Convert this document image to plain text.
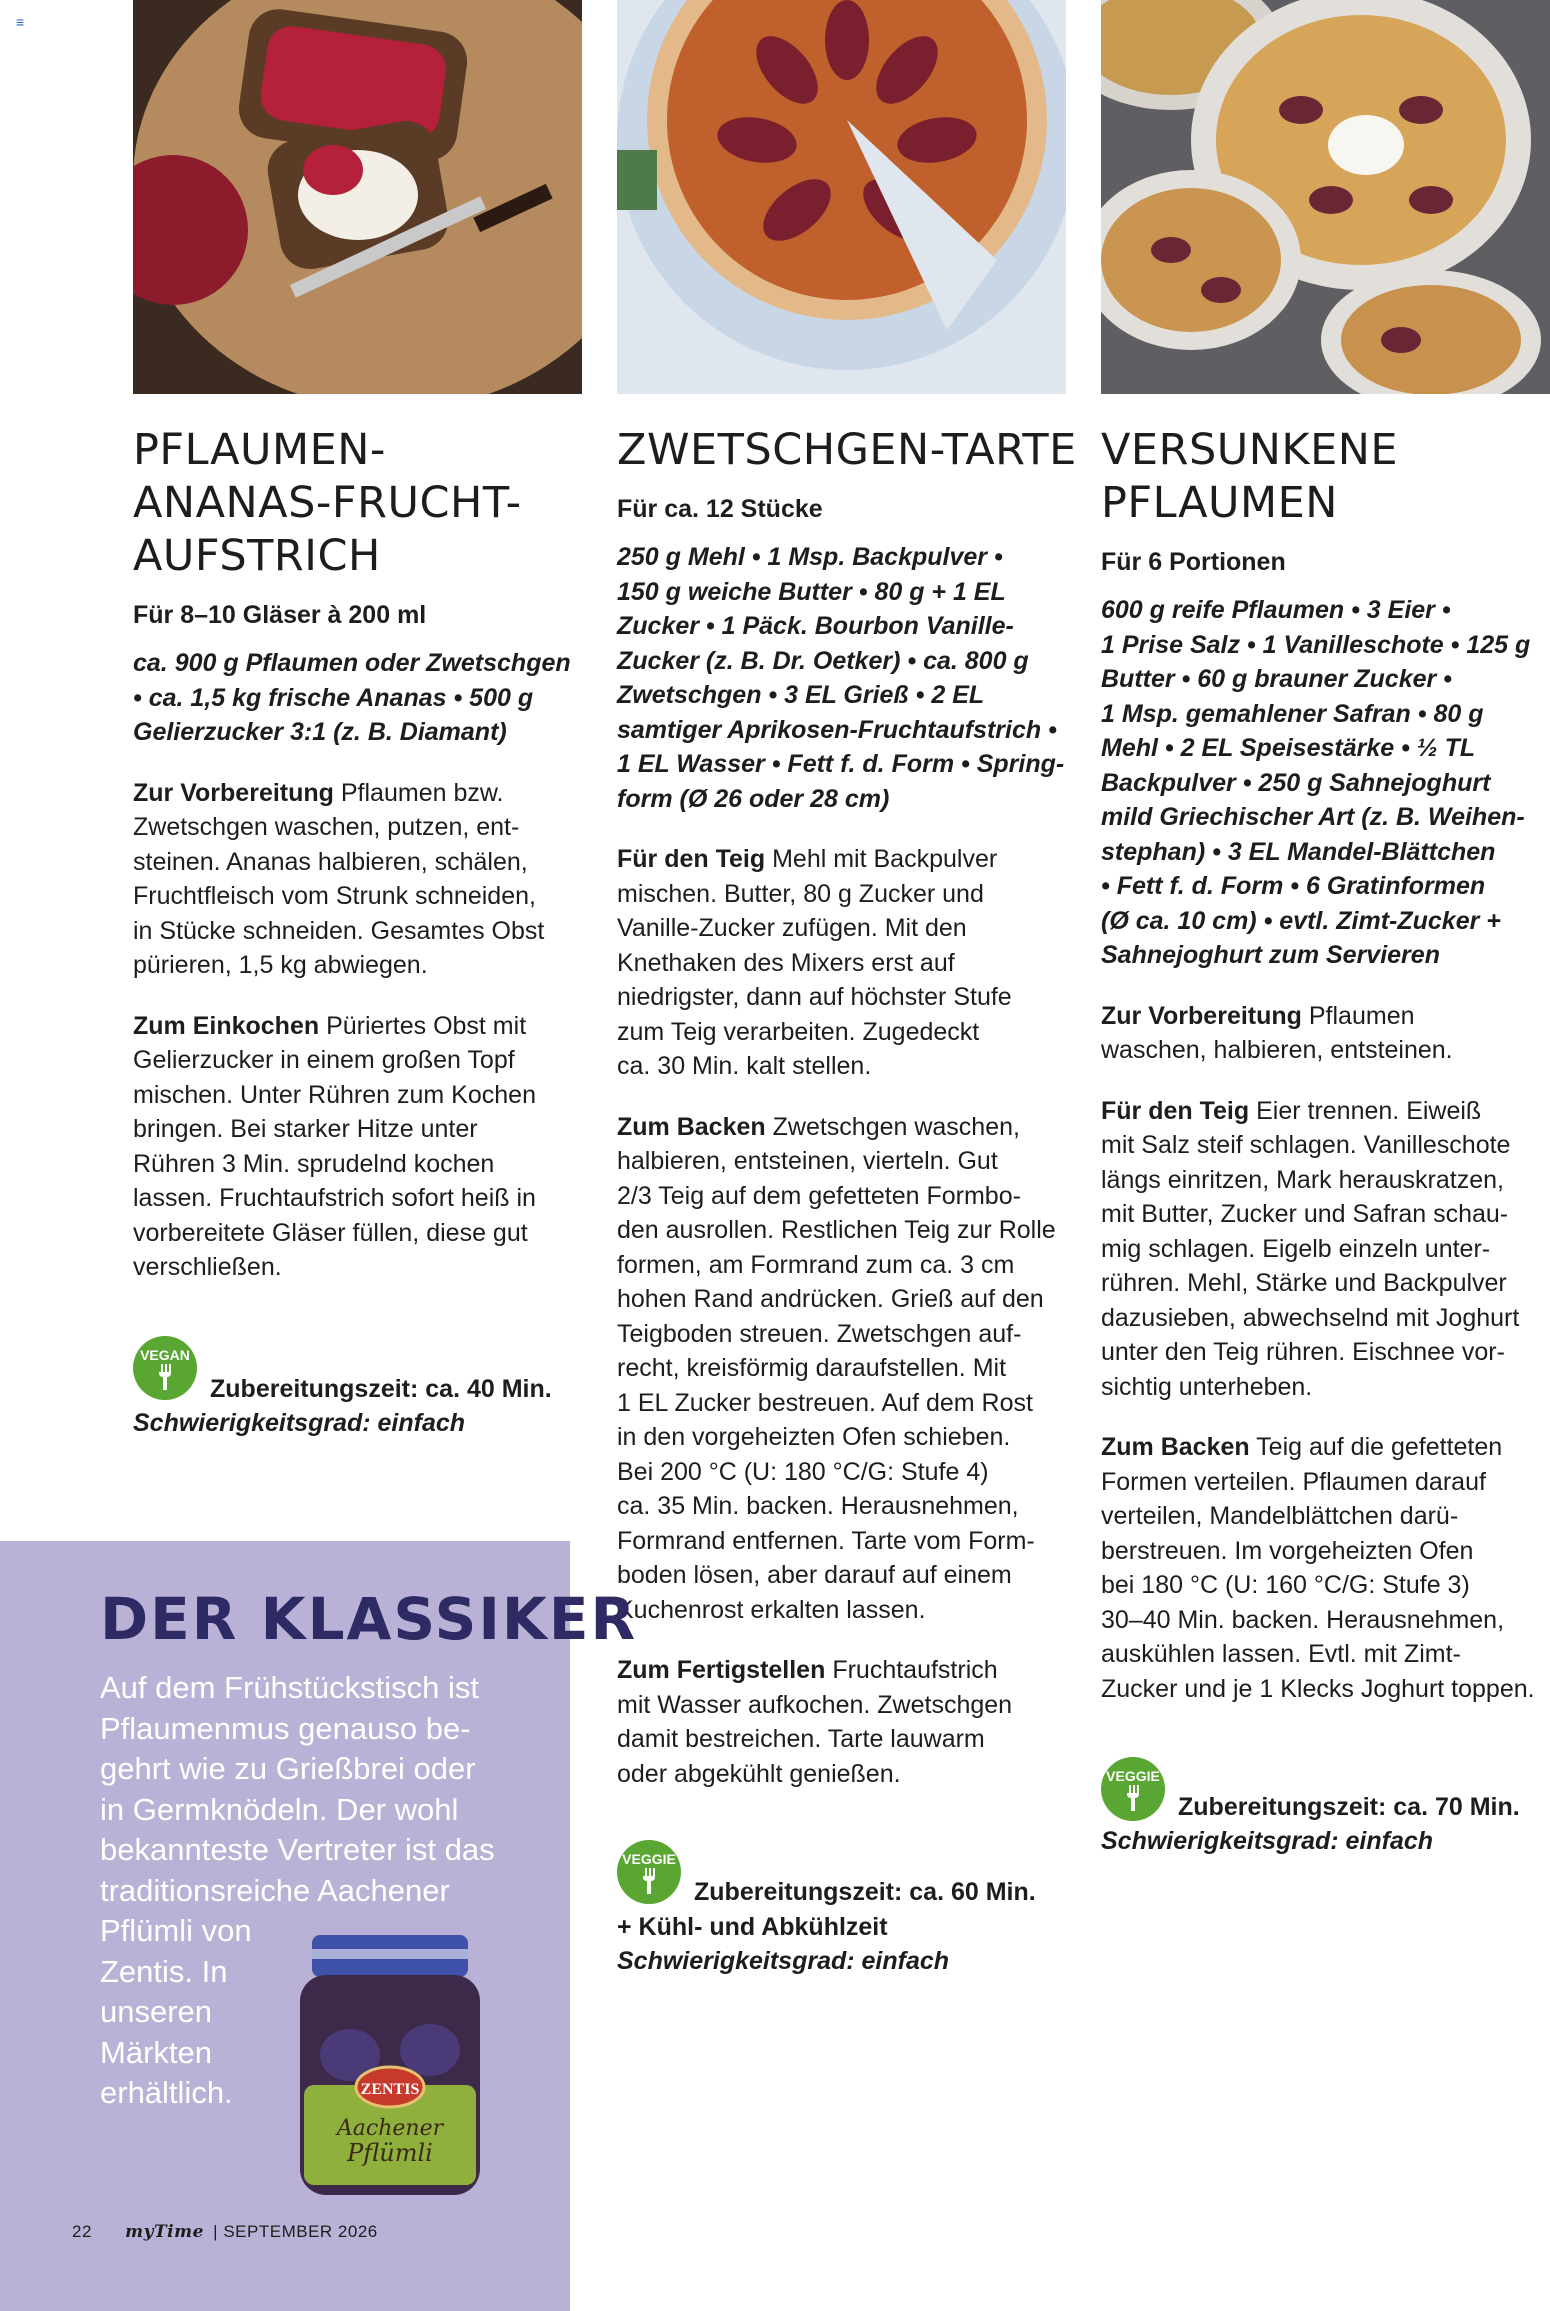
≡
PFLAUMEN-
ANANAS-FRUCHT-
AUFSTRICH

Für 8–10 Gläser à 200 ml

ca. 900 g Pflaumen oder Zwetschgen
• ca. 1,5 kg frische Ananas • 500 g
Gelierzucker 3:1 (z. B. Diamant)
Zur Vorbereitung Pflaumen bzw.
Zwetschgen waschen, putzen, ent-
steinen. Ananas halbieren, schälen,
Fruchtfleisch vom Strunk schneiden,
in Stücke schneiden. Gesamtes Obst
pürieren, 1,5 kg abwiegen.
Zum Einkochen Püriertes Obst mit
Gelierzucker in einem großen Topf
mischen. Unter Rühren zum Kochen
bringen. Bei starker Hitze unter
Rühren 3 Min. sprudelnd kochen
lassen. Fruchtaufstrich sofort heiß in
vorbereitete Gläser füllen, diese gut
verschließen.
VEGAN
Zubereitungszeit: ca. 40 Min.
Schwierigkeitsgrad: einfach
ZWETSCHGEN-TARTE

Für ca. 12 Stücke

250 g Mehl • 1 Msp. Backpulver •
150 g weiche Butter • 80 g + 1 EL
Zucker • 1 Päck. Bourbon Vanille-
Zucker (z. B. Dr. Oetker) • ca. 800 g
Zwetschgen • 3 EL Grieß • 2 EL
samtiger Aprikosen-Fruchtaufstrich •
1 EL Wasser • Fett f. d. Form • Spring-
form (Ø 26 oder 28 cm)
Für den Teig Mehl mit Backpulver
mischen. Butter, 80 g Zucker und
Vanille-Zucker zufügen. Mit den
Knethaken des Mixers erst auf
niedrigster, dann auf höchster Stufe
zum Teig verarbeiten. Zugedeckt
ca. 30 Min. kalt stellen.
Zum Backen Zwetschgen waschen,
halbieren, entsteinen, vierteln. Gut
2/3 Teig auf dem gefetteten Formbo-
den ausrollen. Restlichen Teig zur Rolle
formen, am Formrand zum ca. 3 cm
hohen Rand andrücken. Grieß auf den
Teigboden streuen. Zwetschgen auf-
recht, kreisförmig daraufstellen. Mit
1 EL Zucker bestreuen. Auf dem Rost
in den vorgeheizten Ofen schieben.
Bei 200 °C (U: 180 °C/G: Stufe 4)
ca. 35 Min. backen. Herausnehmen,
Formrand entfernen. Tarte vom Form-
boden lösen, aber darauf auf einem
Kuchenrost erkalten lassen.
Zum Fertigstellen Fruchtaufstrich
mit Wasser aufkochen. Zwetschgen
damit bestreichen. Tarte lauwarm
oder abgekühlt genießen.
VEGGIE
Zubereitungszeit: ca. 60 Min.
+ Kühl- und Abkühlzeit
Schwierigkeitsgrad: einfach
VERSUNKENE
PFLAUMEN

Für 6 Portionen

600 g reife Pflaumen • 3 Eier •
1 Prise Salz • 1 Vanilleschote • 125 g
Butter • 60 g brauner Zucker •
1 Msp. gemahlener Safran • 80 g
Mehl • 2 EL Speisestärke • ½ TL
Backpulver • 250 g Sahnejoghurt
mild Griechischer Art (z. B. Weihen-
stephan) • 3 EL Mandel-Blättchen
• Fett f. d. Form • 6 Gratinformen
(Ø ca. 10 cm) • evtl. Zimt-Zucker +
Sahnejoghurt zum Servieren
Zur Vorbereitung Pflaumen
waschen, halbieren, entsteinen.
Für den Teig Eier trennen. Eiweiß
mit Salz steif schlagen. Vanilleschote
längs einritzen, Mark herauskratzen,
mit Butter, Zucker und Safran schau-
mig schlagen. Eigelb einzeln unter-
rühren. Mehl, Stärke und Backpulver
dazusieben, abwechselnd mit Joghurt
unter den Teig rühren. Eischnee vor-
sichtig unterheben.
Zum Backen Teig auf die gefetteten
Formen verteilen. Pflaumen darauf
verteilen, Mandelblättchen darü-
berstreuen. Im vorgeheizten Ofen
bei 180 °C (U: 160 °C/G: Stufe 3)
30–40 Min. backen. Herausnehmen,
auskühlen lassen. Evtl. mit Zimt-
Zucker und je 1 Klecks Joghurt toppen.
VEGGIE
Zubereitungszeit: ca. 70 Min.
Schwierigkeitsgrad: einfach
DER KLASSIKER
Auf dem Frühstückstisch ist
Pflaumenmus genauso be-
gehrt wie zu Grießbrei oder
in Germknödeln. Der wohl
bekannteste Vertreter ist das
traditionsreiche Aachener
Pflümli von
Zentis. In
unseren
Märkten
erhältlich.	ZENTIS
Aachener
Pflümli
22 myTime | SEPTEMBER 2026
